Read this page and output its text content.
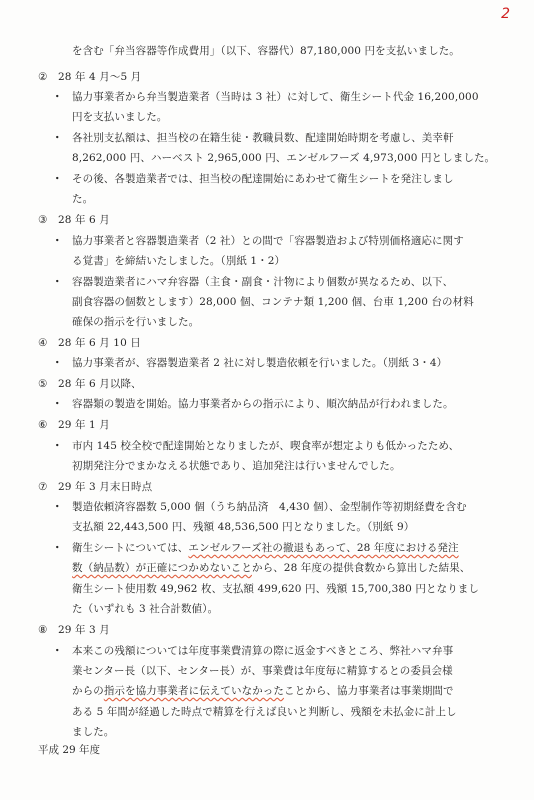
2
を含む「弁当容器等作成費用」（以下、容器代）87,180,000 円を支払いました。
② 28 年 4 月～5 月
・ 協力事業者から弁当製造業者（当時は 3 社）に対して、衛生シート代金 16,200,000
円を支払いました。
・ 各社別支払額は、担当校の在籍生徒・教職員数、配達開始時期を考慮し、美幸軒
8,262,000 円、ハーベスト 2,965,000 円、エンゼルフーズ 4,973,000 円としました。
・ その後、各製造業者では、担当校の配達開始にあわせて衛生シートを発注しまし
た。
③ 28 年 6 月
・ 協力事業者と容器製造業者（2 社）との間で「容器製造および特別価格適応に関す
る覚書」を締結いたしました。（別紙 1・2）
・ 容器製造業者にハマ弁容器（主食・副食・汁物により個数が異なるため、以下、
副食容器の個数とします）28,000 個、コンテナ類 1,200 個、台車 1,200 台の材料
確保の指示を行いました。
④ 28 年 6 月 10 日
・ 協力事業者が、容器製造業者 2 社に対し製造依頼を行いました。（別紙 3・4）
⑤ 28 年 6 月以降、
・ 容器類の製造を開始。協力事業者からの指示により、順次納品が行われました。
⑥ 29 年 1 月
・ 市内 145 校全校で配達開始となりましたが、喫食率が想定よりも低かったため、
初期発注分でまかなえる状態であり、追加発注は行いませんでした。
⑦ 29 年 3 月末日時点
・ 製造依頼済容器数 5,000 個（うち納品済　4,430 個）、金型制作等初期経費を含む
支払額 22,443,500 円、残額 48,536,500 円となりました。（別紙 9）
・ 衛生シートについては、エンゼルフーズ社の撤退もあって、28 年度における発注
数（納品数）が正確につかめないことから、28 年度の提供食数から算出した結果、
衛生シート使用数 49,962 枚、支払額 499,620 円、残額 15,700,380 円となりまし
た（いずれも 3 社合計数値）。
⑧ 29 年 3 月
・ 本来この残額については年度事業費清算の際に返金すべきところ、弊社ハマ弁事
業センター長（以下、センター長）が、事業費は年度毎に精算するとの委員会様
からの指示を協力事業者に伝えていなかったことから、協力事業者は事業期間で
ある 5 年間が経過した時点で精算を行えば良いと判断し、残額を未払金に計上し
ました。
平成 29 年度
